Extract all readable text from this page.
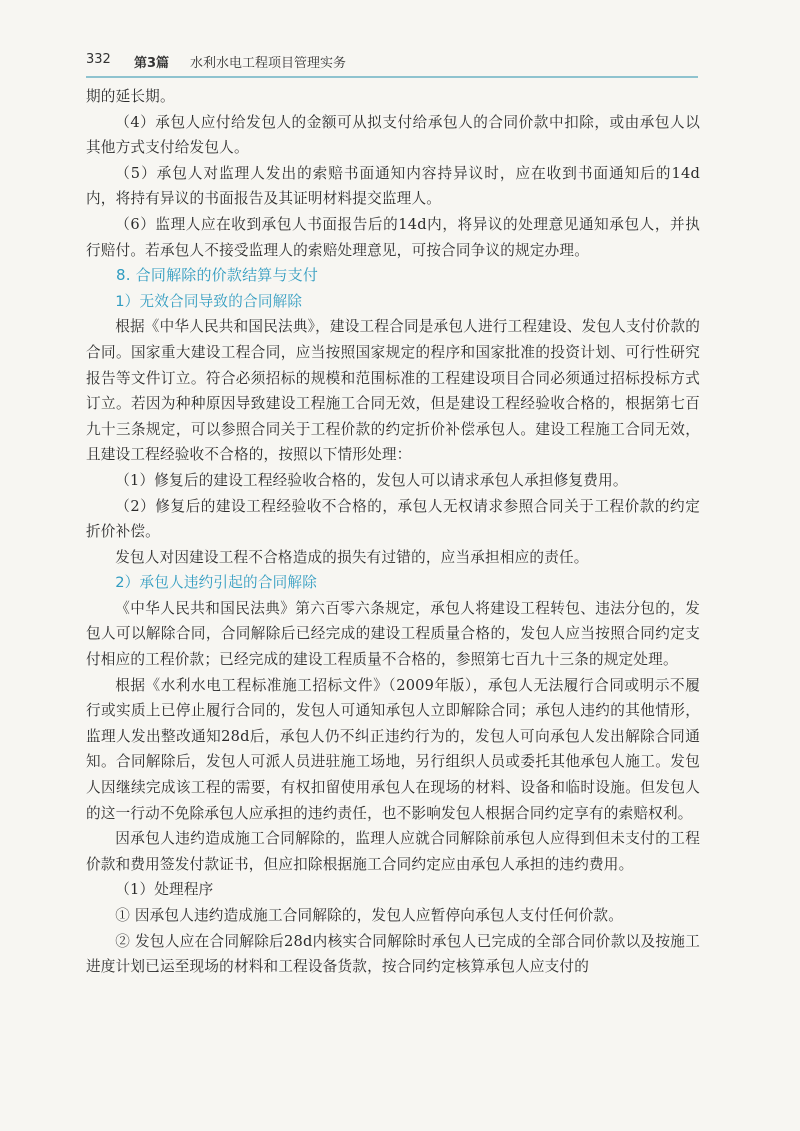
332 第3篇 水利水电工程项目管理实务

期的延长期。

（4）承包人应付给发包人的金额可从拟支付给承包人的合同价款中扣除，或由承包人以其他方式支付给发包人。

（5）承包人对监理人发出的索赔书面通知内容持异议时，应在收到书面通知后的14d内，将持有异议的书面报告及其证明材料提交监理人。

（6）监理人应在收到承包人书面报告后的14d内，将异议的处理意见通知承包人，并执行赔付。若承包人不接受监理人的索赔处理意见，可按合同争议的规定办理。

8. 合同解除的价款结算与支付

1）无效合同导致的合同解除

根据《中华人民共和国民法典》，建设工程合同是承包人进行工程建设、发包人支付价款的合同。国家重大建设工程合同，应当按照国家规定的程序和国家批准的投资计划、可行性研究报告等文件订立。符合必须招标的规模和范围标准的工程建设项目合同必须通过招标投标方式订立。若因为种种原因导致建设工程施工合同无效，但是建设工程经验收合格的，根据第七百九十三条规定，可以参照合同关于工程价款的约定折价补偿承包人。建设工程施工合同无效，且建设工程经验收不合格的，按照以下情形处理：

（1）修复后的建设工程经验收合格的，发包人可以请求承包人承担修复费用。

（2）修复后的建设工程经验收不合格的，承包人无权请求参照合同关于工程价款的约定折价补偿。

发包人对因建设工程不合格造成的损失有过错的，应当承担相应的责任。

2）承包人违约引起的合同解除

《中华人民共和国民法典》第六百零六条规定，承包人将建设工程转包、违法分包的，发包人可以解除合同，合同解除后已经完成的建设工程质量合格的，发包人应当按照合同约定支付相应的工程价款；已经完成的建设工程质量不合格的，参照第七百九十三条的规定处理。

根据《水利水电工程标准施工招标文件》（2009年版），承包人无法履行合同或明示不履行或实质上已停止履行合同的，发包人可通知承包人立即解除合同；承包人违约的其他情形，监理人发出整改通知28d后，承包人仍不纠正违约行为的，发包人可向承包人发出解除合同通知。合同解除后，发包人可派人员进驻施工场地，另行组织人员或委托其他承包人施工。发包人因继续完成该工程的需要，有权扣留使用承包人在现场的材料、设备和临时设施。但发包人的这一行动不免除承包人应承担的违约责任，也不影响发包人根据合同约定享有的索赔权利。

因承包人违约造成施工合同解除的，监理人应就合同解除前承包人应得到但未支付的工程价款和费用签发付款证书，但应扣除根据施工合同约定应由承包人承担的违约费用。

（1）处理程序

① 因承包人违约造成施工合同解除的，发包人应暂停向承包人支付任何价款。

② 发包人应在合同解除后28d内核实合同解除时承包人已完成的全部合同价款以及按施工进度计划已运至现场的材料和工程设备货款，按合同约定核算承包人应支付的
